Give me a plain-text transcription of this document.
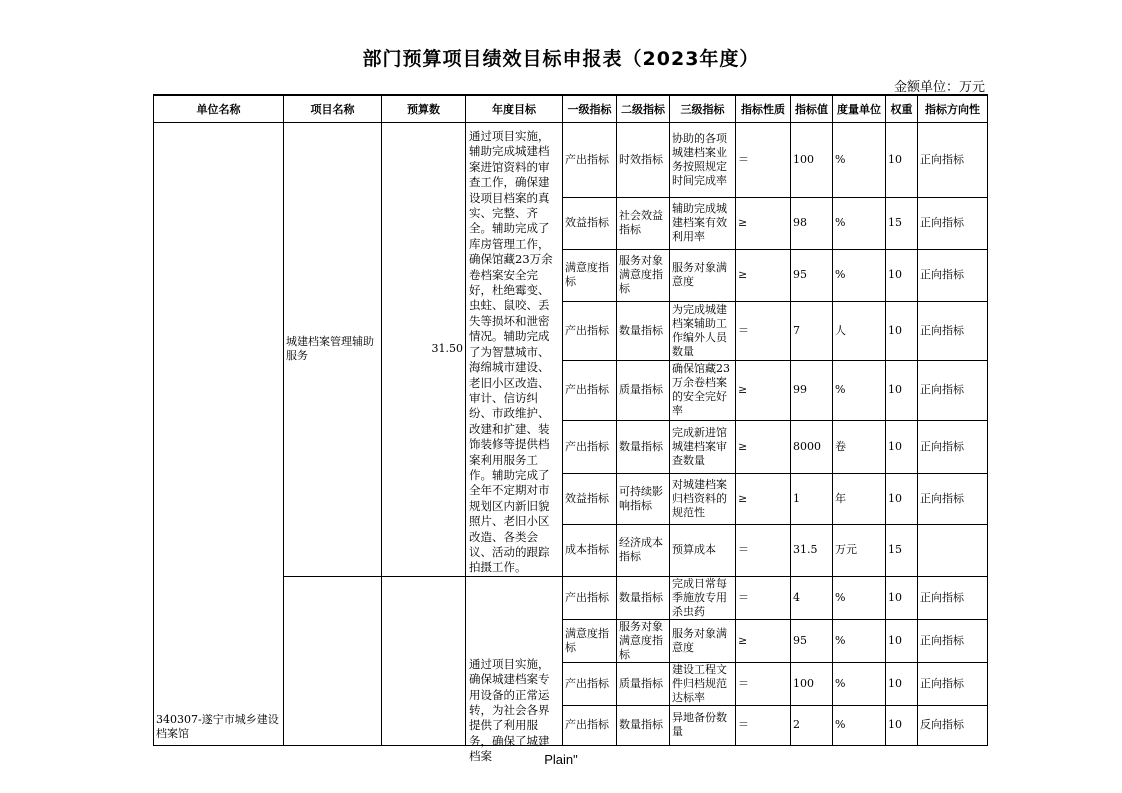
部门预算项目绩效目标申报表（2023年度）
金额单位：万元
单位名称	项目名称	预算数	年度目标	一级指标	二级指标	三级指标	指标性质	指标值	度量单位	权重	指标方向性
340307-遂宁市城乡建设档案馆	城建档案管理辅助服务	31.50	通过项目实施，辅助完成城建档案进馆资料的审查工作，确保建设项目档案的真实、完整、齐全。辅助完成了库房管理工作，确保馆藏23万余卷档案安全完好，杜绝霉变、虫蛀、鼠咬、丢失等损坏和泄密情况。辅助完成了为智慧城市、海绵城市建设、老旧小区改造、审计、信访纠纷、市政维护、改建和扩建、装饰装修等提供档案利用服务工作。辅助完成了全年不定期对市规划区内新旧貌照片、老旧小区改造、各类会议、活动的跟踪拍摄工作。	产出指标	时效指标	协助的各项城建档案业务按照规定时间完成率	＝	100	%	10	正向指标
				效益指标	社会效益指标	辅助完成城建档案有效利用率	≥	98	%	15	正向指标
				满意度指标	服务对象满意度指标	服务对象满意度	≥	95	%	10	正向指标
				产出指标	数量指标	为完成城建档案辅助工作编外人员数量	＝	7	人	10	正向指标
				产出指标	质量指标	确保馆藏23万余卷档案的安全完好率	≥	99	%	10	正向指标
				产出指标	数量指标	完成新进馆城建档案审查数量	≥	8000	卷	10	正向指标
				效益指标	可持续影响指标	对城建档案归档资料的规范性	≥	1	年	10	正向指标
				成本指标	经济成本指标	预算成本	＝	31.5	万元	15	

			通过项目实施，确保城建档案专用设备的正常运转，为社会各界提供了利用服务，确保了城建档案	产出指标	数量指标	完成日常每季施放专用杀虫药	＝	4	%	10	正向指标
				满意度指标	服务对象满意度指标	服务对象满意度	≥	95	%	10	正向指标
				产出指标	质量指标	建设工程文件归档规范达标率	＝	100	%	10	正向指标
				产出指标	数量指标	异地备份数量	＝	2	%	10	反向指标
Plain"
